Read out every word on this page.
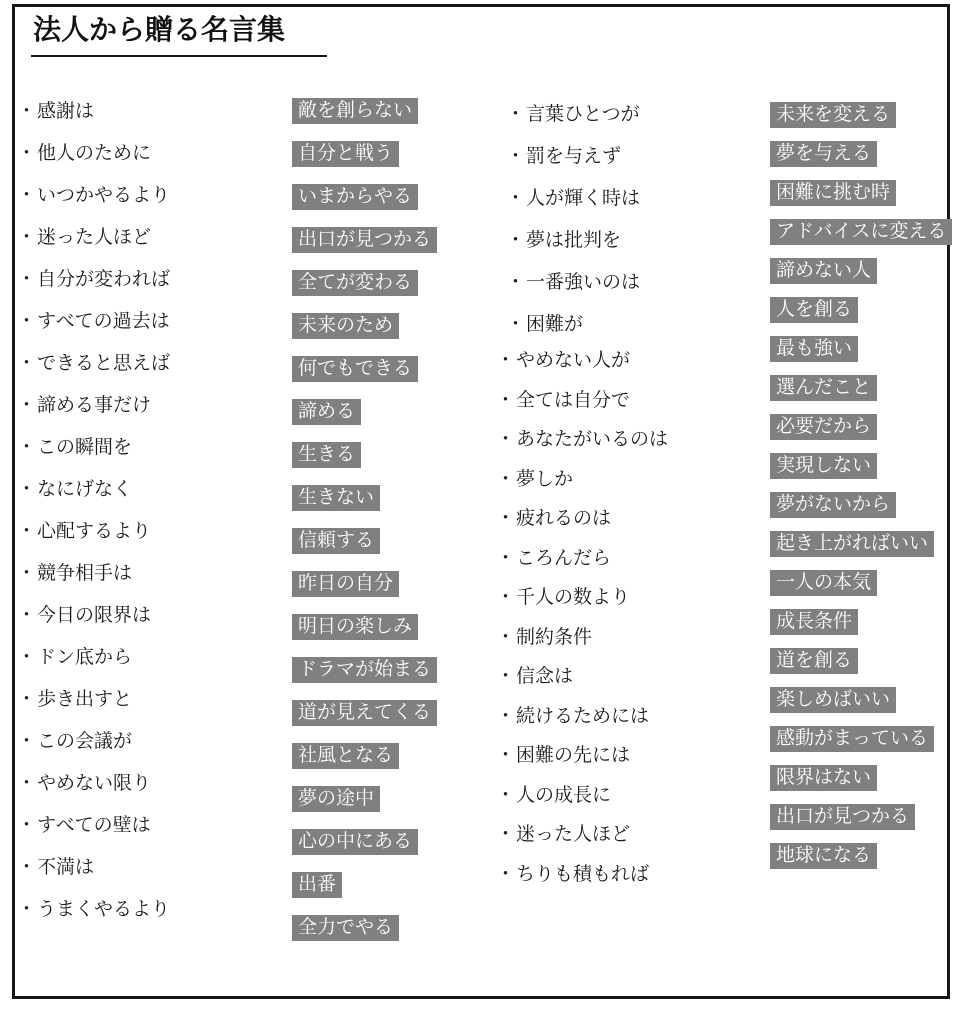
法人から贈る名言集
・ 感謝は
・ 他人のために
・ いつかやるより
・ 迷った人ほど
・ 自分が変われば
・ すべての過去は
・ できると思えば
・ 諦める事だけ
・ この瞬間を
・ なにげなく
・ 心配するより
・ 競争相手は
・ 今日の限界は
・ ドン底から
・ 歩き出すと
・ この会議が
・ やめない限り
・ すべての壁は
・ 不満は
・ うまくやるより
敵を創らない
自分と戦う
いまからやる
出口が見つかる
全てが変わる
未来のため
何でもできる
諦める
生きる
生きない
信頼する
昨日の自分
明日の楽しみ
ドラマが始まる
道が見えてくる
社風となる
夢の途中
心の中にある
出番
全力でやる
・ 言葉ひとつが
・ 罰を与えず
・ 人が輝く時は
・ 夢は批判を
・ 一番強いのは
・ 困難が
・ やめない人が
・ 全ては自分で
・ あなたがいるのは
・ 夢しか
・ 疲れるのは
・ ころんだら
・ 千人の数より
・ 制約条件
・ 信念は
・ 続けるためには
・ 困難の先には
・ 人の成長に
・ 迷った人ほど
・ ちりも積もれば
未来を変える
夢を与える
困難に挑む時
アドバイスに変える
諦めない人
人を創る
最も強い
選んだこと
必要だから
実現しない
夢がないから
起き上がればいい
一人の本気
成長条件
道を創る
楽しめばいい
感動がまっている
限界はない
出口が見つかる
地球になる
